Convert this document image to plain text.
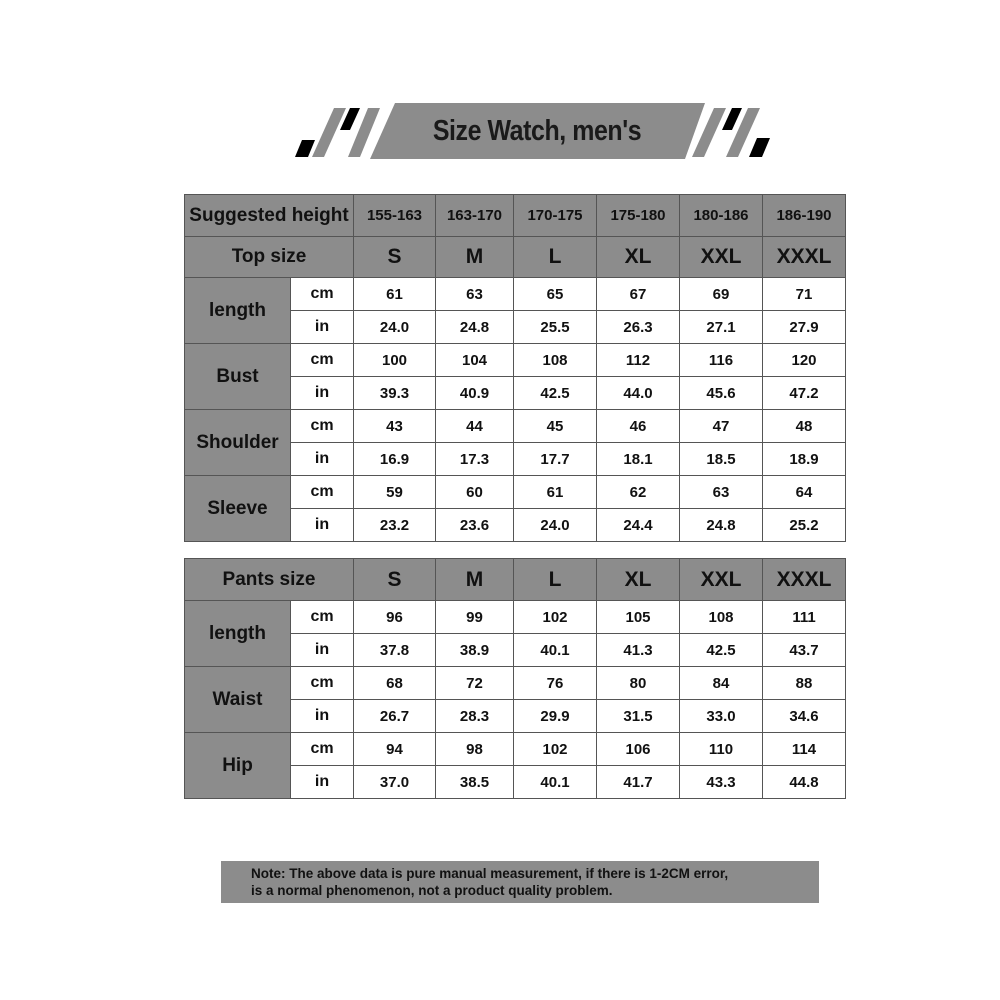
Size Watch, men's
Suggested height		155-163	163-170	170-175	175-180	180-186	186-190
Top size		S	M	L	XL	XXL	XXXL
length	cm	61	63	65	67	69	71
	in	24.0	24.8	25.5	26.3	27.1	27.9
Bust	cm	100	104	108	112	116	120
	in	39.3	40.9	42.5	44.0	45.6	47.2
Shoulder	cm	43	44	45	46	47	48
	in	16.9	17.3	17.7	18.1	18.5	18.9
Sleeve	cm	59	60	61	62	63	64
	in	23.2	23.6	24.0	24.4	24.8	25.2
Pants size		S	M	L	XL	XXL	XXXL
length	cm	96	99	102	105	108	111
	in	37.8	38.9	40.1	41.3	42.5	43.7
Waist	cm	68	72	76	80	84	88
	in	26.7	28.3	29.9	31.5	33.0	34.6
Hip	cm	94	98	102	106	110	114
	in	37.0	38.5	40.1	41.7	43.3	44.8
Note: The above data is pure manual measurement, if there is 1-2CM error,
is a normal phenomenon, not a product quality problem.
